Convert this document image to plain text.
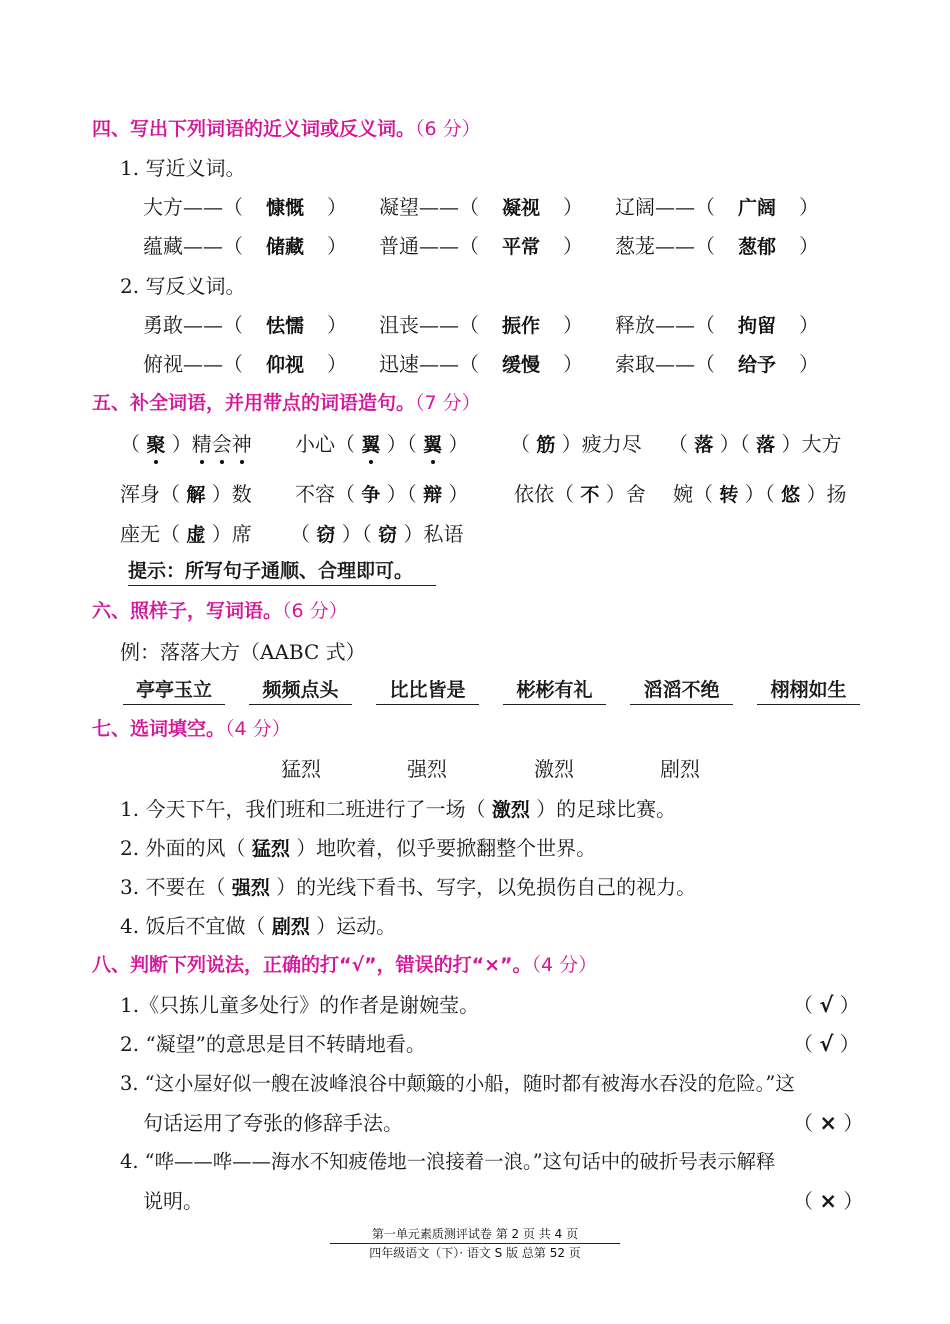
四、写出下列词语的近义词或反义词。（6 分）
1. 写近义词。
大方——（ 慷慨 ） 凝望——（ 凝视 ） 辽阔——（ 广阔 ）
蕴藏——（ 储藏 ） 普通——（ 平常 ） 葱茏——（ 葱郁 ）
2. 写反义词。
勇敢——（ 怯懦 ） 沮丧——（ 振作 ） 释放——（ 拘留 ）
俯视——（ 仰视 ） 迅速——（ 缓慢 ） 索取——（ 给予 ）
五、补全词语，并用带点的词语造句。（7 分）
（ 聚 ）精会神 小心（ 翼 ）（ 翼 ） （ 筋 ）疲力尽 （ 落 ）（ 落 ）大方
浑身（ 解 ）数 不容（ 争 ）（ 辩 ） 依依（ 不 ）舍 婉（ 转 ）（ 悠 ）扬
座无（ 虚 ）席 （ 窃 ）（ 窃 ）私语
提示：所写句子通顺、合理即可。
六、照样子，写词语。（6 分）
例：落落大方（AABC 式）
亭亭玉立	频频点头	比比皆是	彬彬有礼	滔滔不绝	栩栩如生
七、选词填空。（4 分）
猛烈	强烈	激烈	剧烈
1. 今天下午，我们班和二班进行了一场（ 激烈 ）的足球比赛。
2. 外面的风（ 猛烈 ）地吹着，似乎要掀翻整个世界。
3. 不要在（ 强烈 ）的光线下看书、写字，以免损伤自己的视力。
4. 饭后不宜做（ 剧烈 ）运动。
八、判断下列说法，正确的打“√”，错误的打“×”。（4 分）
1.《只拣儿童多处行》的作者是谢婉莹。	（ √ ）
2. “凝望”的意思是目不转睛地看。	（ √ ）
3. “这小屋好似一艘在波峰浪谷中颠簸的小船，随时都有被海水吞没的危险。”这
句话运用了夸张的修辞手法。	（ × ）
4. “哗——哗——海水不知疲倦地一浪接着一浪。”这句话中的破折号表示解释
说明。	（ × ）
第一单元素质测评试卷 第 2 页 共 4 页
四年级语文（下）· 语文 S 版 总第 52 页
